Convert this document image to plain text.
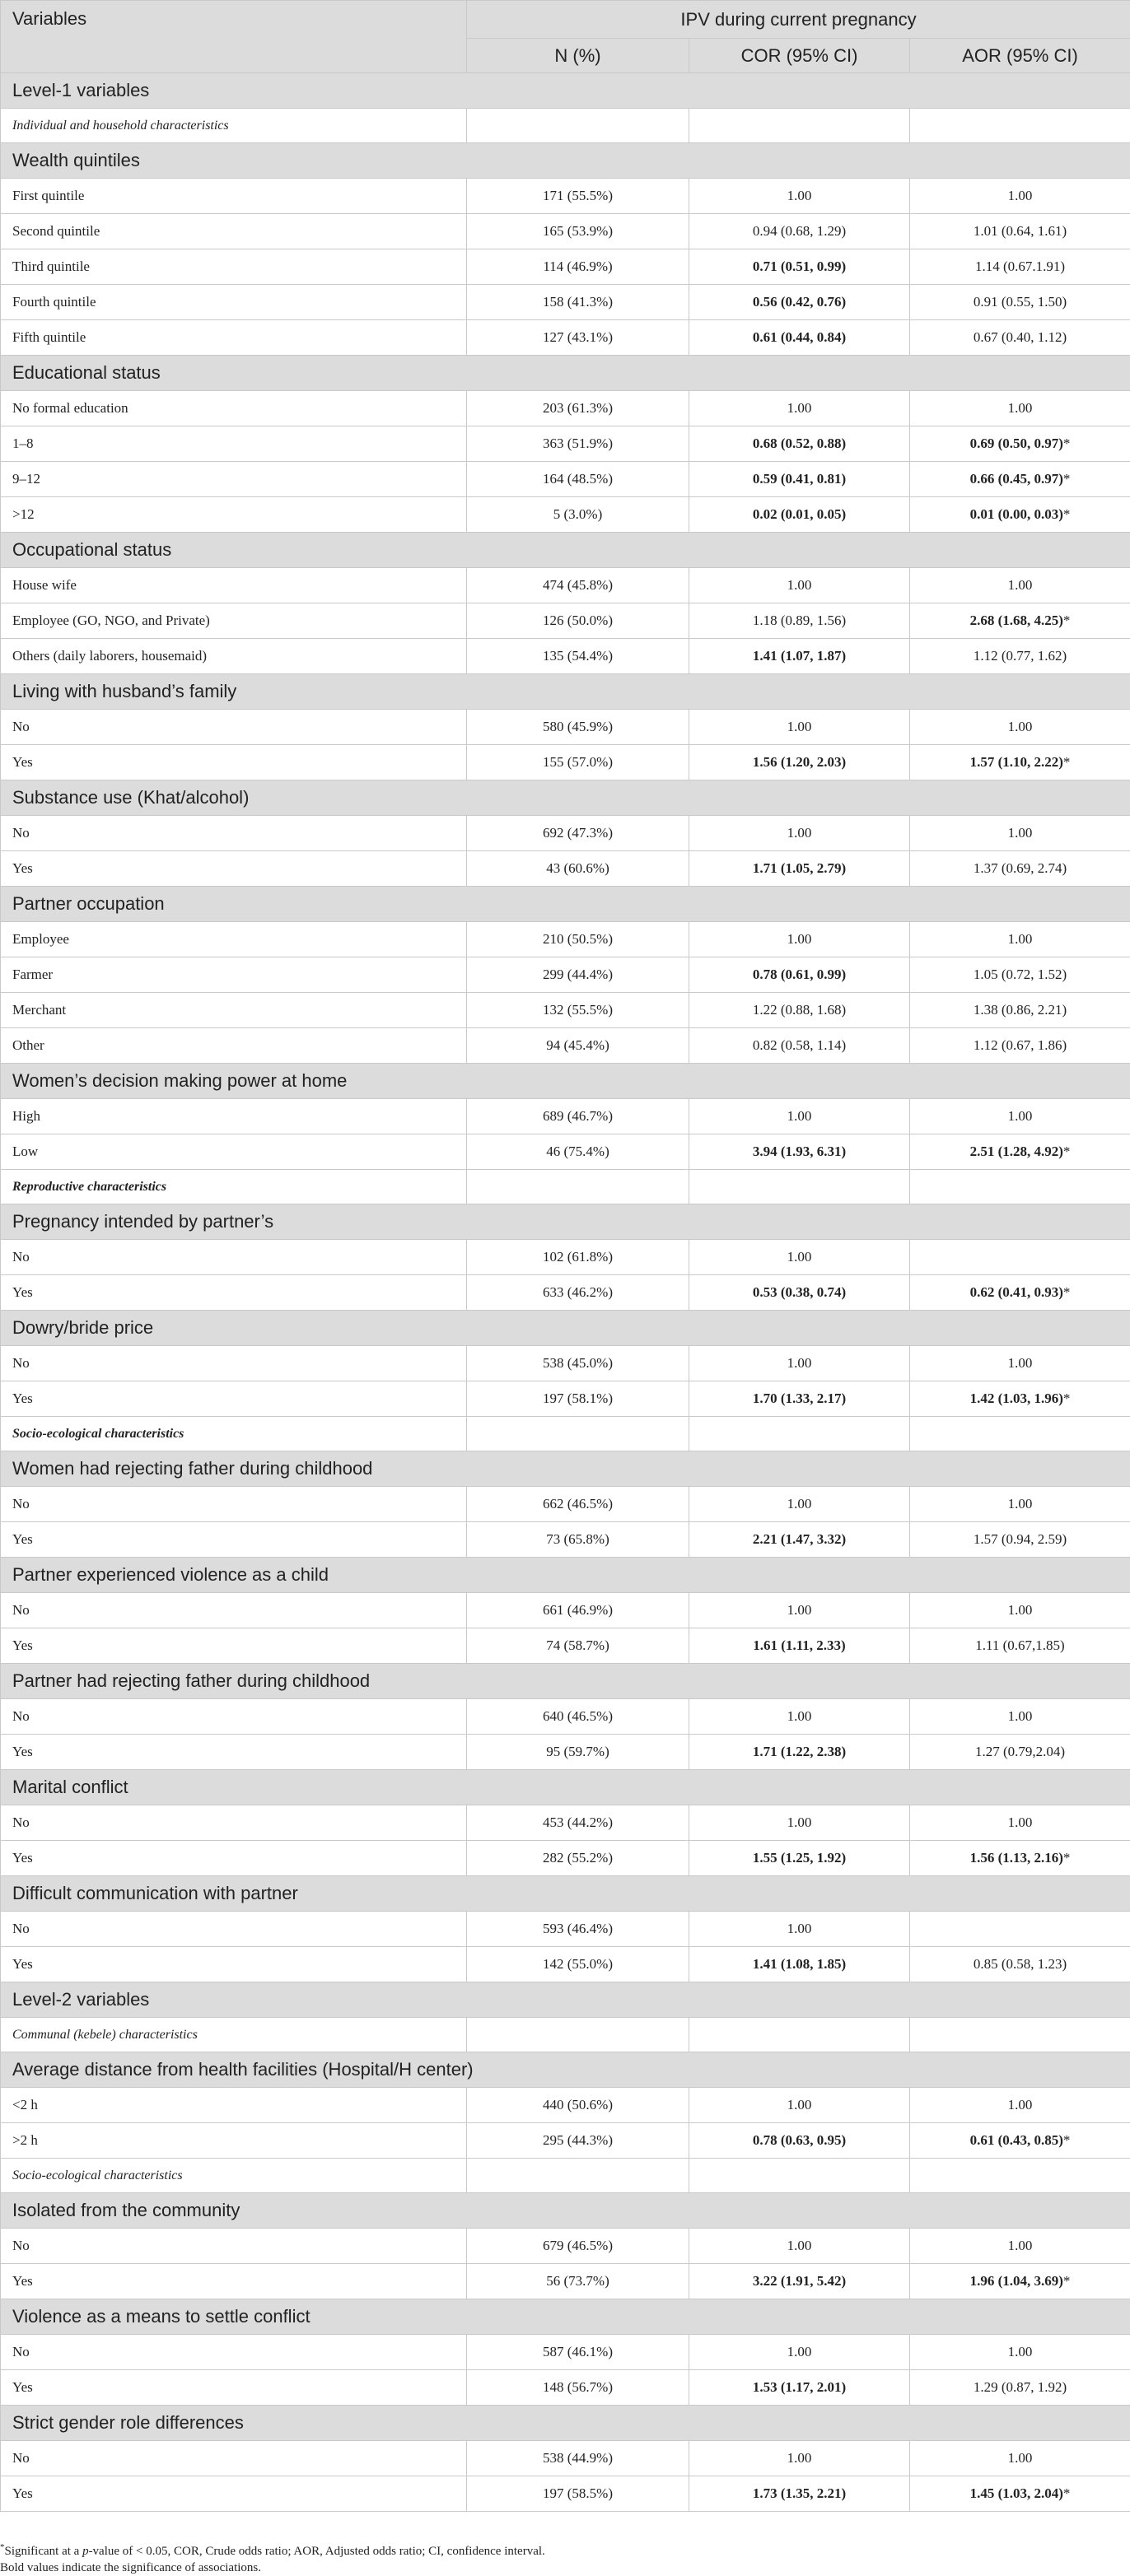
Variables	IPV during current pregnancy		
	N (%)	COR (95% CI)	AOR (95% CI)
Level-1 variables			
Individual and household characteristics			
Wealth quintiles			
First quintile	171 (55.5%)	1.00	1.00
Second quintile	165 (53.9%)	0.94 (0.68, 1.29)	1.01 (0.64, 1.61)
Third quintile	114 (46.9%)	0.71 (0.51, 0.99)	1.14 (0.67.1.91)
Fourth quintile	158 (41.3%)	0.56 (0.42, 0.76)	0.91 (0.55, 1.50)
Fifth quintile	127 (43.1%)	0.61 (0.44, 0.84)	0.67 (0.40, 1.12)
Educational status			
No formal education	203 (61.3%)	1.00	1.00
1–8	363 (51.9%)	0.68 (0.52, 0.88)	0.69 (0.50, 0.97)*
9–12	164 (48.5%)	0.59 (0.41, 0.81)	0.66 (0.45, 0.97)*
>12	5 (3.0%)	0.02 (0.01, 0.05)	0.01 (0.00, 0.03)*
Occupational status			
House wife	474 (45.8%)	1.00	1.00
Employee (GO, NGO, and Private)	126 (50.0%)	1.18 (0.89, 1.56)	2.68 (1.68, 4.25)*
Others (daily laborers, housemaid)	135 (54.4%)	1.41 (1.07, 1.87)	1.12 (0.77, 1.62)
Living with husband’s family			
No	580 (45.9%)	1.00	1.00
Yes	155 (57.0%)	1.56 (1.20, 2.03)	1.57 (1.10, 2.22)*
Substance use (Khat/alcohol)			
No	692 (47.3%)	1.00	1.00
Yes	43 (60.6%)	1.71 (1.05, 2.79)	1.37 (0.69, 2.74)
Partner occupation			
Employee	210 (50.5%)	1.00	1.00
Farmer	299 (44.4%)	0.78 (0.61, 0.99)	1.05 (0.72, 1.52)
Merchant	132 (55.5%)	1.22 (0.88, 1.68)	1.38 (0.86, 2.21)
Other	94 (45.4%)	0.82 (0.58, 1.14)	1.12 (0.67, 1.86)
Women’s decision making power at home			
High	689 (46.7%)	1.00	1.00
Low	46 (75.4%)	3.94 (1.93, 6.31)	2.51 (1.28, 4.92)*
Reproductive characteristics			
Pregnancy intended by partner’s			
No	102 (61.8%)	1.00	
Yes	633 (46.2%)	0.53 (0.38, 0.74)	0.62 (0.41, 0.93)*
Dowry/bride price			
No	538 (45.0%)	1.00	1.00
Yes	197 (58.1%)	1.70 (1.33, 2.17)	1.42 (1.03, 1.96)*
Socio-ecological characteristics			
Women had rejecting father during childhood			
No	662 (46.5%)	1.00	1.00
Yes	73 (65.8%)	2.21 (1.47, 3.32)	1.57 (0.94, 2.59)
Partner experienced violence as a child			
No	661 (46.9%)	1.00	1.00
Yes	74 (58.7%)	1.61 (1.11, 2.33)	1.11 (0.67,1.85)
Partner had rejecting father during childhood			
No	640 (46.5%)	1.00	1.00
Yes	95 (59.7%)	1.71 (1.22, 2.38)	1.27 (0.79,2.04)
Marital conflict			
No	453 (44.2%)	1.00	1.00
Yes	282 (55.2%)	1.55 (1.25, 1.92)	1.56 (1.13, 2.16)*
Difficult communication with partner			
No	593 (46.4%)	1.00	
Yes	142 (55.0%)	1.41 (1.08, 1.85)	0.85 (0.58, 1.23)
Level-2 variables			
Communal (kebele) characteristics			
Average distance from health facilities (Hospital/H center)			
<2 h	440 (50.6%)	1.00	1.00
>2 h	295 (44.3%)	0.78 (0.63, 0.95)	0.61 (0.43, 0.85)*
Socio-ecological characteristics			
Isolated from the community			
No	679 (46.5%)	1.00	1.00
Yes	56 (73.7%)	3.22 (1.91, 5.42)	1.96 (1.04, 3.69)*
Violence as a means to settle conflict			
No	587 (46.1%)	1.00	1.00
Yes	148 (56.7%)	1.53 (1.17, 2.01)	1.29 (0.87, 1.92)
Strict gender role differences			
No	538 (44.9%)	1.00	1.00
Yes	197 (58.5%)	1.73 (1.35, 2.21)	1.45 (1.03, 2.04)*

*Significant at a p-value of < 0.05, COR, Crude odds ratio; AOR, Adjusted odds ratio; CI, confidence interval.

Bold values indicate the significance of associations.
